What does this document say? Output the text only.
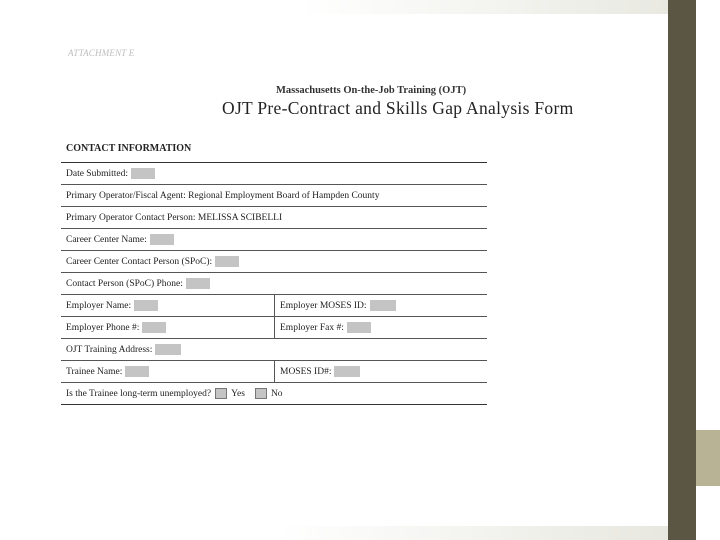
ATTACHMENT E
Massachusetts On-the-Job Training (OJT)
OJT Pre-Contract and Skills Gap Analysis Form
CONTACT INFORMATION
Date Submitted:
Primary Operator/Fiscal Agent: Regional Employment Board of Hampden County
Primary Operator Contact Person: MELISSA SCIBELLI
Career Center Name:
Career Center Contact Person (SPoC):
Contact Person (SPoC) Phone:
Employer Name:	Employer MOSES ID:
Employer Phone #:	Employer Fax #:
OJT Training Address:
Trainee Name:	MOSES ID#:
Is the Trainee long-term unemployed? Yes	No
